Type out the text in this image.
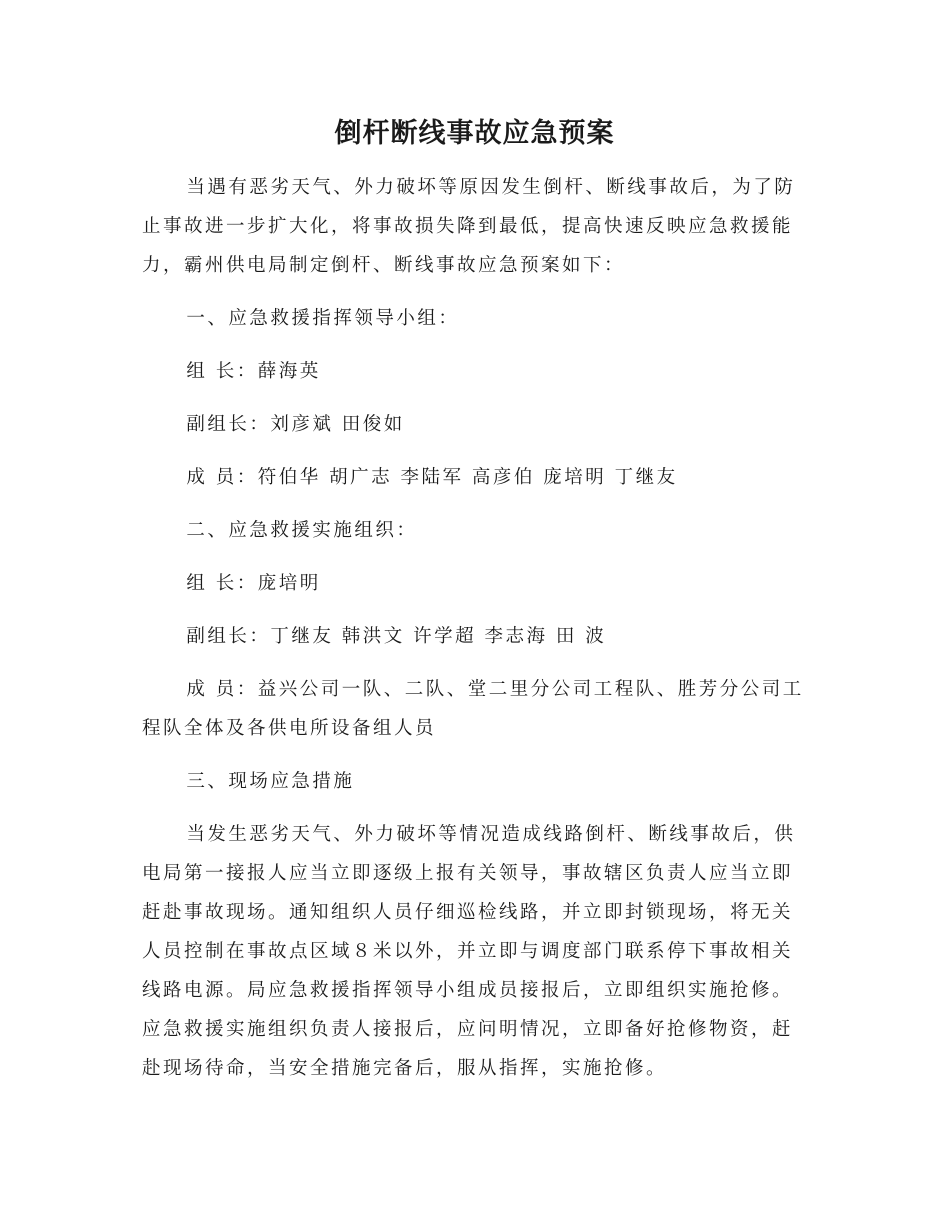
倒杆断线事故应急预案

当遇有恶劣天气、外力破坏等原因发生倒杆、断线事故后，为了防止事故进一步扩大化，将事故损失降到最低，提高快速反映应急救援能力，霸州供电局制定倒杆、断线事故应急预案如下：

一、应急救援指挥领导小组：

组 长：薛海英

副组长：刘彦斌 田俊如

成 员：符伯华 胡广志 李陆军 高彦伯 庞培明 丁继友

二、应急救援实施组织：

组 长：庞培明

副组长：丁继友 韩洪文 许学超 李志海 田 波

成 员：益兴公司一队、二队、堂二里分公司工程队、胜芳分公司工程队全体及各供电所设备组人员

三、现场应急措施

当发生恶劣天气、外力破坏等情况造成线路倒杆、断线事故后，供电局第一接报人应当立即逐级上报有关领导，事故辖区负责人应当立即赶赴事故现场。通知组织人员仔细巡检线路，并立即封锁现场，将无关人员控制在事故点区域８米以外，并立即与调度部门联系停下事故相关线路电源。局应急救援指挥领导小组成员接报后，立即组织实施抢修。应急救援实施组织负责人接报后，应问明情况，立即备好抢修物资，赶赴现场待命，当安全措施完备后，服从指挥，实施抢修。
